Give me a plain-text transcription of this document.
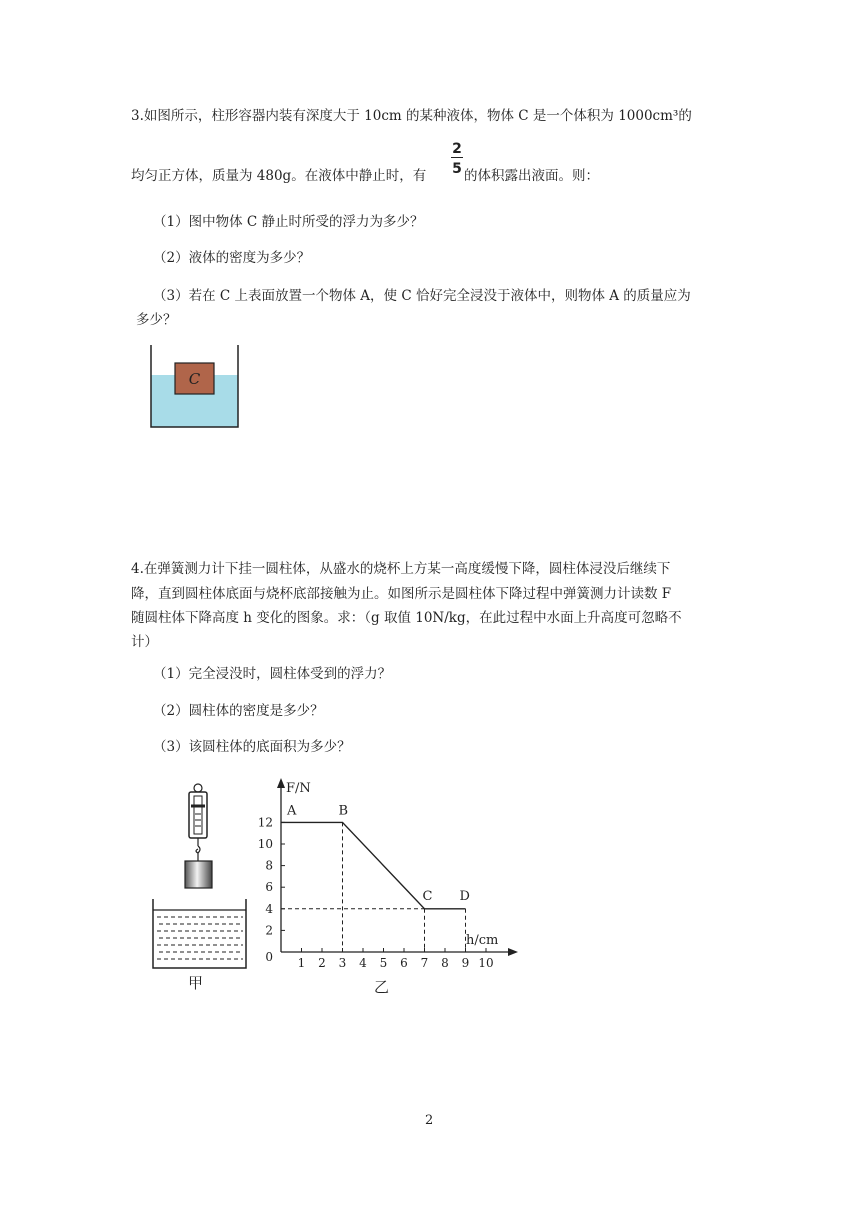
3.如图所示，柱形容器内装有深度大于 10cm 的某种液体，物体 C 是一个体积为 1000cm³的
2
均匀正方体，质量为 480g。在液体中静止时，有 5 的体积露出液面。则：
（1）图中物体 C 静止时所受的浮力为多少？
（2）液体的密度为多少？
（3）若在 C 上表面放置一个物体 A，使 C 恰好完全浸没于液体中，则物体 A 的质量应为
多少？
C
4.在弹簧测力计下挂一圆柱体，从盛水的烧杯上方某一高度缓慢下降，圆柱体浸没后继续下
降，直到圆柱体底面与烧杯底部接触为止。如图所示是圆柱体下降过程中弹簧测力计读数 F
随圆柱体下降高度 h 变化的图象。求：（g 取值 10N/kg，在此过程中水面上升高度可忽略不
计）
（1）完全浸没时，圆柱体受到的浮力？
（2）圆柱体的密度是多少？
（3）该圆柱体的底面积为多少？
甲
F/N
h/cm
1 2 3 4 5 6 7 8 9 10
0
2
4
6
8
10
12
A	B
C D
乙
2
